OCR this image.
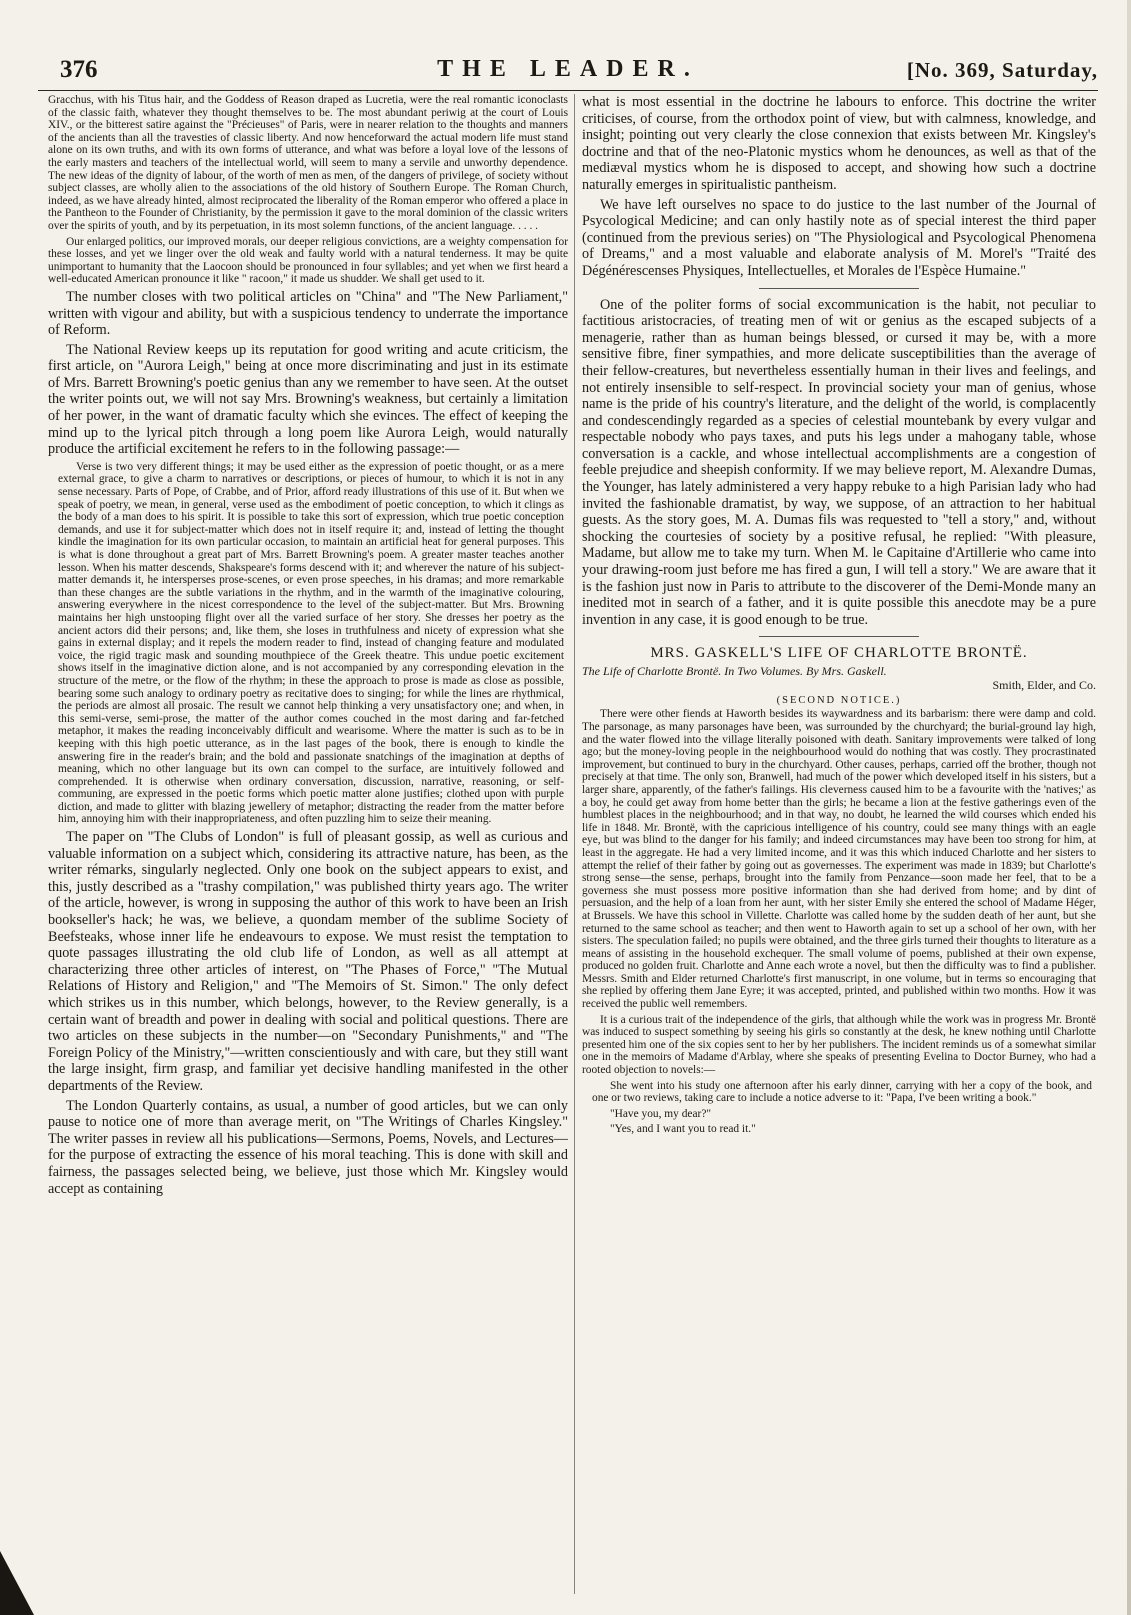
376	THE LEADER.	[No. 369, Saturday,

Gracchus, with his Titus hair, and the Goddess of Reason draped as Lucretia, were the real romantic iconoclasts of the classic faith, whatever they thought themselves to be. The most abundant periwig at the court of Louis XIV., or the bitterest satire against the "Précieuses" of Paris, were in nearer relation to the thoughts and manners of the ancients than all the travesties of classic liberty. And now henceforward the actual modern life must stand alone on its own truths, and with its own forms of utterance, and what was before a loyal love of the lessons of the early masters and teachers of the intellectual world, will seem to many a servile and unworthy dependence. The new ideas of the dignity of labour, of the worth of men as men, of the dangers of privilege, of society without subject classes, are wholly alien to the associations of the old history of Southern Europe. The Roman Church, indeed, as we have already hinted, almost reciprocated the liberality of the Roman emperor who offered a place in the Pantheon to the Founder of Christianity, by the permission it gave to the moral dominion of the classic writers over the spirits of youth, and by its perpetuation, in its most solemn functions, of the ancient language. . . . .

Our enlarged politics, our improved morals, our deeper religious convictions, are a weighty compensation for these losses, and yet we linger over the old weak and faulty world with a natural tenderness. It may be quite unimportant to humanity that the Laocoon should be pronounced in four syllables; and yet when we first heard a well-educated American pronounce it like " racoon," it made us shudder. We shall get used to it.

The number closes with two political articles on "China" and "The New Parliament," written with vigour and ability, but with a suspicious tendency to underrate the importance of Reform.

The National Review keeps up its reputation for good writing and acute criticism, the first article, on "Aurora Leigh," being at once more discriminating and just in its estimate of Mrs. Barrett Browning's poetic genius than any we remember to have seen. At the outset the writer points out, we will not say Mrs. Browning's weakness, but certainly a limitation of her power, in the want of dramatic faculty which she evinces. The effect of keeping the mind up to the lyrical pitch through a long poem like Aurora Leigh, would naturally produce the artificial excitement he refers to in the following passage:—

Verse is two very different things; it may be used either as the expression of poetic thought, or as a mere external grace, to give a charm to narratives or descriptions, or pieces of humour, to which it is not in any sense necessary. Parts of Pope, of Crabbe, and of Prior, afford ready illustrations of this use of it. But when we speak of poetry, we mean, in general, verse used as the embodiment of poetic conception, to which it clings as the body of a man does to his spirit. It is possible to take this sort of expression, which true poetic conception demands, and use it for subject-matter which does not in itself require it; and, instead of letting the thought kindle the imagination for its own particular occasion, to maintain an artificial heat for general purposes. This is what is done throughout a great part of Mrs. Barrett Browning's poem. A greater master teaches another lesson. When his matter descends, Shakspeare's forms descend with it; and wherever the nature of his subject-matter demands it, he intersperses prose-scenes, or even prose speeches, in his dramas; and more remarkable than these changes are the subtle variations in the rhythm, and in the warmth of the imaginative colouring, answering everywhere in the nicest correspondence to the level of the subject-matter. But Mrs. Browning maintains her high unstooping flight over all the varied surface of her story. She dresses her poetry as the ancient actors did their persons; and, like them, she loses in truthfulness and nicety of expression what she gains in external display; and it repels the modern reader to find, instead of changing feature and modulated voice, the rigid tragic mask and sounding mouthpiece of the Greek theatre. This undue poetic excitement shows itself in the imaginative diction alone, and is not accompanied by any corresponding elevation in the structure of the metre, or the flow of the rhythm; in these the approach to prose is made as close as possible, bearing some such analogy to ordinary poetry as recitative does to singing; for while the lines are rhythmical, the periods are almost all prosaic. The result we cannot help thinking a very unsatisfactory one; and when, in this semi-verse, semi-prose, the matter of the author comes couched in the most daring and far-fetched metaphor, it makes the reading inconceivably difficult and wearisome. Where the matter is such as to be in keeping with this high poetic utterance, as in the last pages of the book, there is enough to kindle the answering fire in the reader's brain; and the bold and passionate snatchings of the imagination at depths of meaning, which no other language but its own can compel to the surface, are intuitively followed and comprehended. It is otherwise when ordinary conversation, discussion, narrative, reasoning, or self-communing, are expressed in the poetic forms which poetic matter alone justifies; clothed upon with purple diction, and made to glitter with blazing jewellery of metaphor; distracting the reader from the matter before him, annoying him with their inappropriateness, and often puzzling him to seize their meaning.

The paper on "The Clubs of London" is full of pleasant gossip, as well as curious and valuable information on a subject which, considering its attractive nature, has been, as the writer rémarks, singularly neglected. Only one book on the subject appears to exist, and this, justly described as a "trashy compilation," was published thirty years ago. The writer of the article, however, is wrong in supposing the author of this work to have been an Irish bookseller's hack; he was, we believe, a quondam member of the sublime Society of Beefsteaks, whose inner life he endeavours to expose. We must resist the temptation to quote passages illustrating the old club life of London, as well as all attempt at characterizing three other articles of interest, on "The Phases of Force," "The Mutual Relations of History and Religion," and "The Memoirs of St. Simon." The only defect which strikes us in this number, which belongs, however, to the Review generally, is a certain want of breadth and power in dealing with social and political questions. There are two articles on these subjects in the number—on "Secondary Punishments," and "The Foreign Policy of the Ministry,"—written conscientiously and with care, but they still want the large insight, firm grasp, and familiar yet decisive handling manifested in the other departments of the Review.

The London Quarterly contains, as usual, a number of good articles, but we can only pause to notice one of more than average merit, on "The Writings of Charles Kingsley." The writer passes in review all his publications—Sermons, Poems, Novels, and Lectures—for the purpose of extracting the essence of his moral teaching. This is done with skill and fairness, the passages selected being, we believe, just those which Mr. Kingsley would accept as containing

what is most essential in the doctrine he labours to enforce. This doctrine the writer criticises, of course, from the orthodox point of view, but with calmness, knowledge, and insight; pointing out very clearly the close connexion that exists between Mr. Kingsley's doctrine and that of the neo-Platonic mystics whom he denounces, as well as that of the mediæval mystics whom he is disposed to accept, and showing how such a doctrine naturally emerges in spiritualistic pantheism.

We have left ourselves no space to do justice to the last number of the Journal of Psycological Medicine; and can only hastily note as of special interest the third paper (continued from the previous series) on "The Physiological and Psycological Phenomena of Dreams," and a most valuable and elaborate analysis of M. Morel's "Traité des Dégénérescenses Physiques, Intellectuelles, et Morales de l'Espèce Humaine."

One of the politer forms of social excommunication is the habit, not peculiar to factitious aristocracies, of treating men of wit or genius as the escaped subjects of a menagerie, rather than as human beings blessed, or cursed it may be, with a more sensitive fibre, finer sympathies, and more delicate susceptibilities than the average of their fellow-creatures, but nevertheless essentially human in their lives and feelings, and not entirely insensible to self-respect. In provincial society your man of genius, whose name is the pride of his country's literature, and the delight of the world, is complacently and condescendingly regarded as a species of celestial mountebank by every vulgar and respectable nobody who pays taxes, and puts his legs under a mahogany table, whose conversation is a cackle, and whose intellectual accomplishments are a congestion of feeble prejudice and sheepish conformity. If we may believe report, M. Alexandre Dumas, the Younger, has lately administered a very happy rebuke to a high Parisian lady who had invited the fashionable dramatist, by way, we suppose, of an attraction to her habitual guests. As the story goes, M. A. Dumas fils was requested to "tell a story," and, without shocking the courtesies of society by a positive refusal, he replied: "With pleasure, Madame, but allow me to take my turn. When M. le Capitaine d'Artillerie who came into your drawing-room just before me has fired a gun, I will tell a story." We are aware that it is the fashion just now in Paris to attribute to the discoverer of the Demi-Monde many an inedited mot in search of a father, and it is quite possible this anecdote may be a pure invention in any case, it is good enough to be true.

MRS. GASKELL'S LIFE OF CHARLOTTE BRONTË.
The Life of Charlotte Brontë. In Two Volumes. By Mrs. Gaskell.
Smith, Elder, and Co.
(SECOND NOTICE.)

There were other fiends at Haworth besides its waywardness and its barbarism: there were damp and cold. The parsonage, as many parsonages have been, was surrounded by the churchyard; the burial-ground lay high, and the water flowed into the village literally poisoned with death. Sanitary improvements were talked of long ago; but the money-loving people in the neighbourhood would do nothing that was costly. They procrastinated improvement, but continued to bury in the churchyard. Other causes, perhaps, carried off the brother, though not precisely at that time. The only son, Branwell, had much of the power which developed itself in his sisters, but a larger share, apparently, of the father's failings. His cleverness caused him to be a favourite with the 'natives;' as a boy, he could get away from home better than the girls; he became a lion at the festive gatherings even of the humblest places in the neighbourhood; and in that way, no doubt, he learned the wild courses which ended his life in 1848. Mr. Brontë, with the capricious intelligence of his country, could see many things with an eagle eye, but was blind to the danger for his family; and indeed circumstances may have been too strong for him, at least in the aggregate. He had a very limited income, and it was this which induced Charlotte and her sisters to attempt the relief of their father by going out as governesses. The experiment was made in 1839; but Charlotte's strong sense—the sense, perhaps, brought into the family from Penzance—soon made her feel, that to be a governess she must possess more positive information than she had derived from home; and by dint of persuasion, and the help of a loan from her aunt, with her sister Emily she entered the school of Madame Héger, at Brussels. We have this school in Villette. Charlotte was called home by the sudden death of her aunt, but she returned to the same school as teacher; and then went to Haworth again to set up a school of her own, with her sisters. The speculation failed; no pupils were obtained, and the three girls turned their thoughts to literature as a means of assisting in the household exchequer. The small volume of poems, published at their own expense, produced no golden fruit. Charlotte and Anne each wrote a novel, but then the difficulty was to find a publisher. Messrs. Smith and Elder returned Charlotte's first manuscript, in one volume, but in terms so encouraging that she replied by offering them Jane Eyre; it was accepted, printed, and published within two months. How it was received the public well remembers.

It is a curious trait of the independence of the girls, that although while the work was in progress Mr. Brontë was induced to suspect something by seeing his girls so constantly at the desk, he knew nothing until Charlotte presented him one of the six copies sent to her by her publishers. The incident reminds us of a somewhat similar one in the memoirs of Madame d'Arblay, where she speaks of presenting Evelina to Doctor Burney, who had a rooted objection to novels:—

She went into his study one afternoon after his early dinner, carrying with her a copy of the book, and one or two reviews, taking care to include a notice adverse to it: "Papa, I've been writing a book."

"Have you, my dear?"

"Yes, and I want you to read it."
